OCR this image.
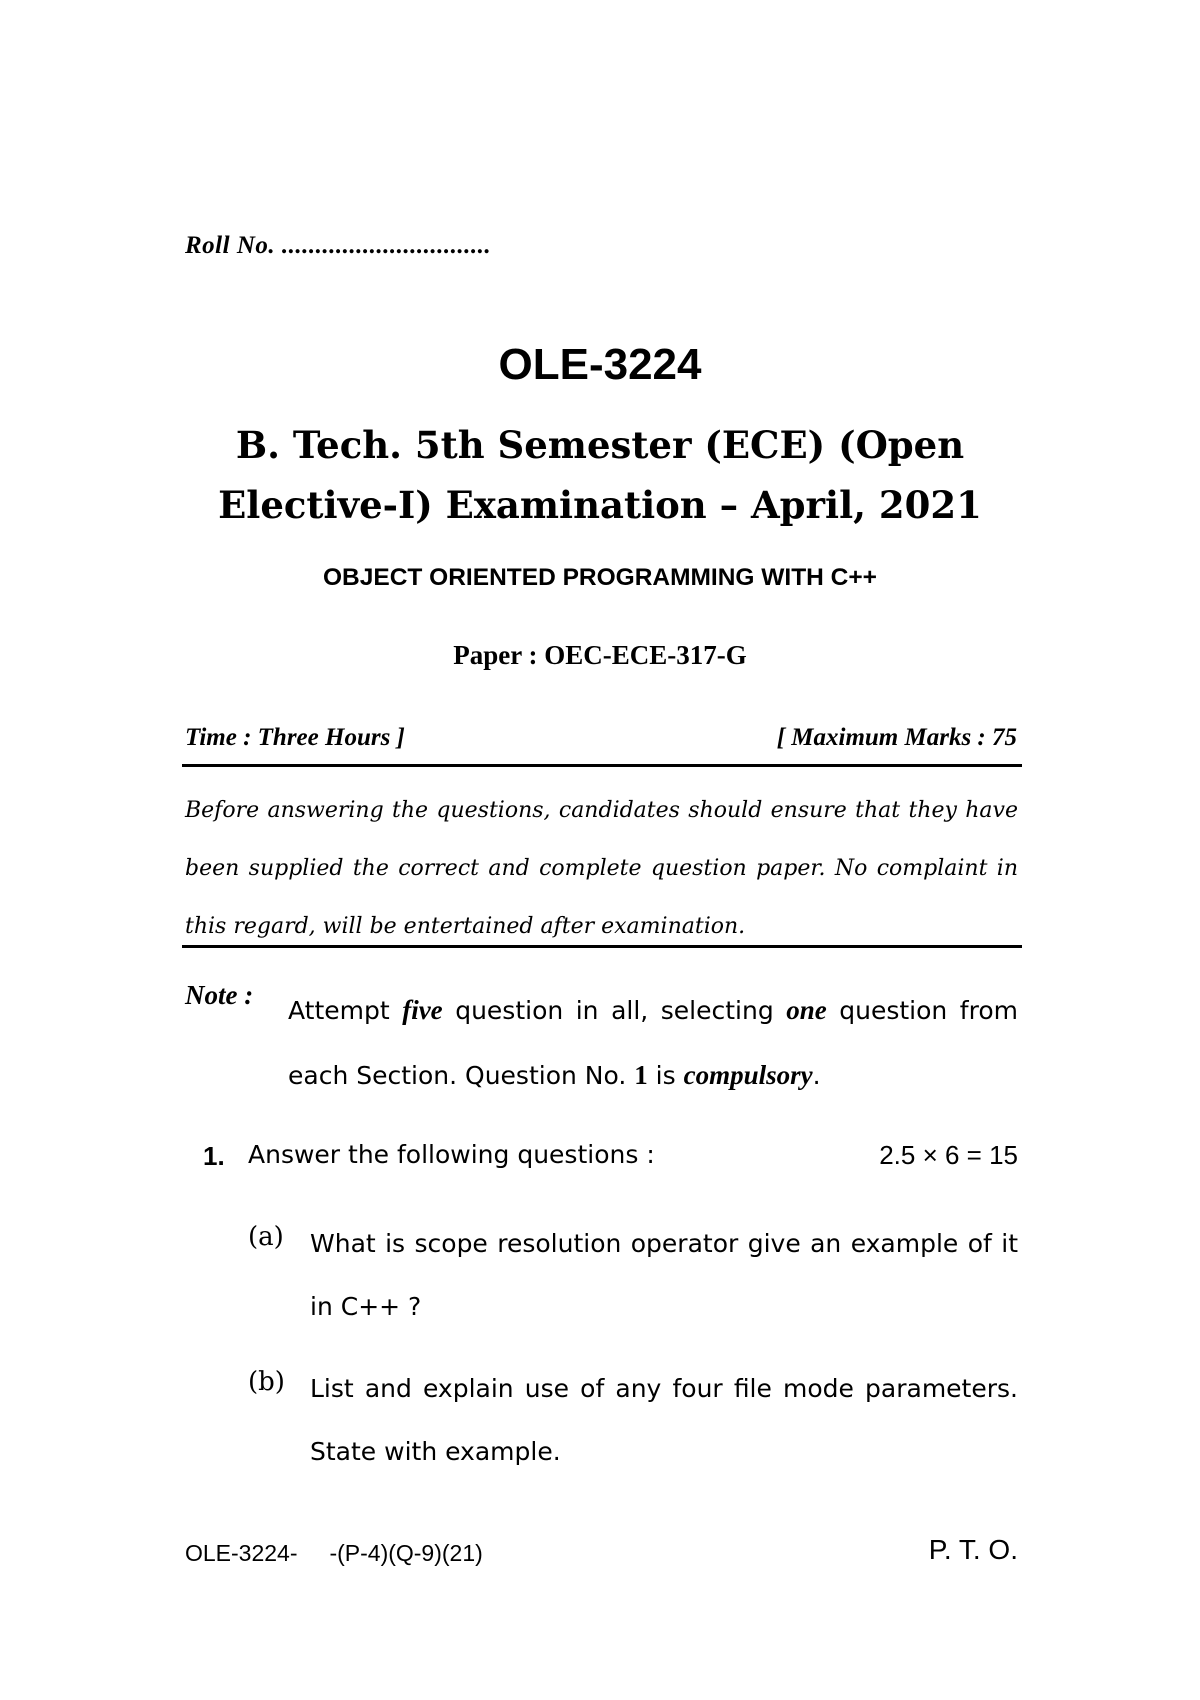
Roll No. ...............................
OLE-3224
B. Tech. 5th Semester (ECE) (Open Elective-I) Examination – April, 2021
OBJECT ORIENTED PROGRAMMING WITH C++
Paper : OEC-ECE-317-G
Time : Three Hours ]	[ Maximum Marks : 75
Before answering the questions, candidates should ensure that they have been supplied the correct and complete question paper. No complaint in this regard, will be entertained after examination.
Note :
Attempt five question in all, selecting one question from each Section. Question No. 1 is compulsory.
1. Answer the following questions :	2.5 × 6 = 15
(a) What is scope resolution operator give an example of it in C++ ?
(b) List and explain use of any four file mode parameters. State with example.
OLE-3224-     -(P-4)(Q-9)(21)	P. T. O.
